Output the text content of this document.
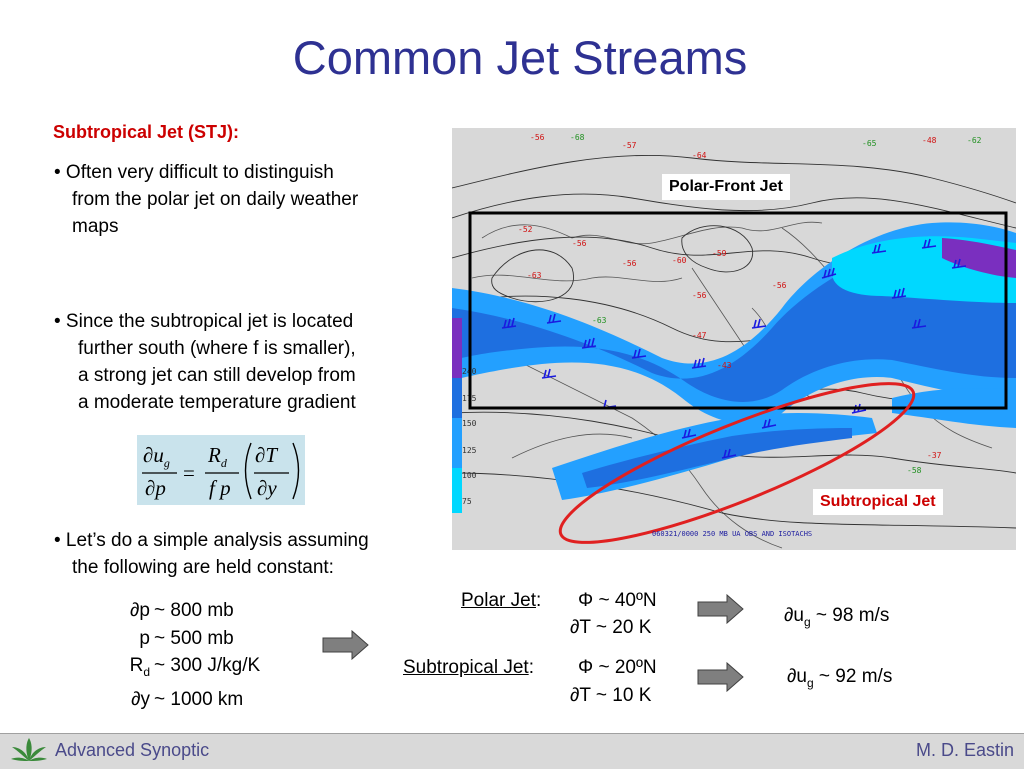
Common Jet Streams
Subtropical Jet (STJ):
• Often very difficult to distinguish
from the polar jet on daily weather
maps
• Since the subtropical jet is located
further south (where f is smaller),
a strong jet can still develop from
a moderate temperature gradient
$\partial u_g$
∂p
=
$R_d$
f p
∂T
∂y
• Let’s do a simple analysis assuming
the following are held constant:
∂p ~ 800 mb
p ~ 500 mb
$R_d$ ~ 300 J/kg/K
∂y ~ 1000 km
Polar Jet: Φ ~ 40ºN
∂T ~ 20 K
$\partial u_g$ ~ 98 m/s
Subtropical Jet: Φ ~ 20ºN
∂T ~ 10 K
$\partial u_g$ ~ 92 m/s
240
175
150
125
100
75
-56	-68
-57
-64
-65	-48	-62
-52
-56
-56	-60
-59
-63
-56
-56
-47
-43
-63
-37
-58
060321/0000 250 MB UA OBS AND ISOTACHS
Polar-Front Jet
Subtropical Jet
Advanced Synoptic	M. D. Eastin
